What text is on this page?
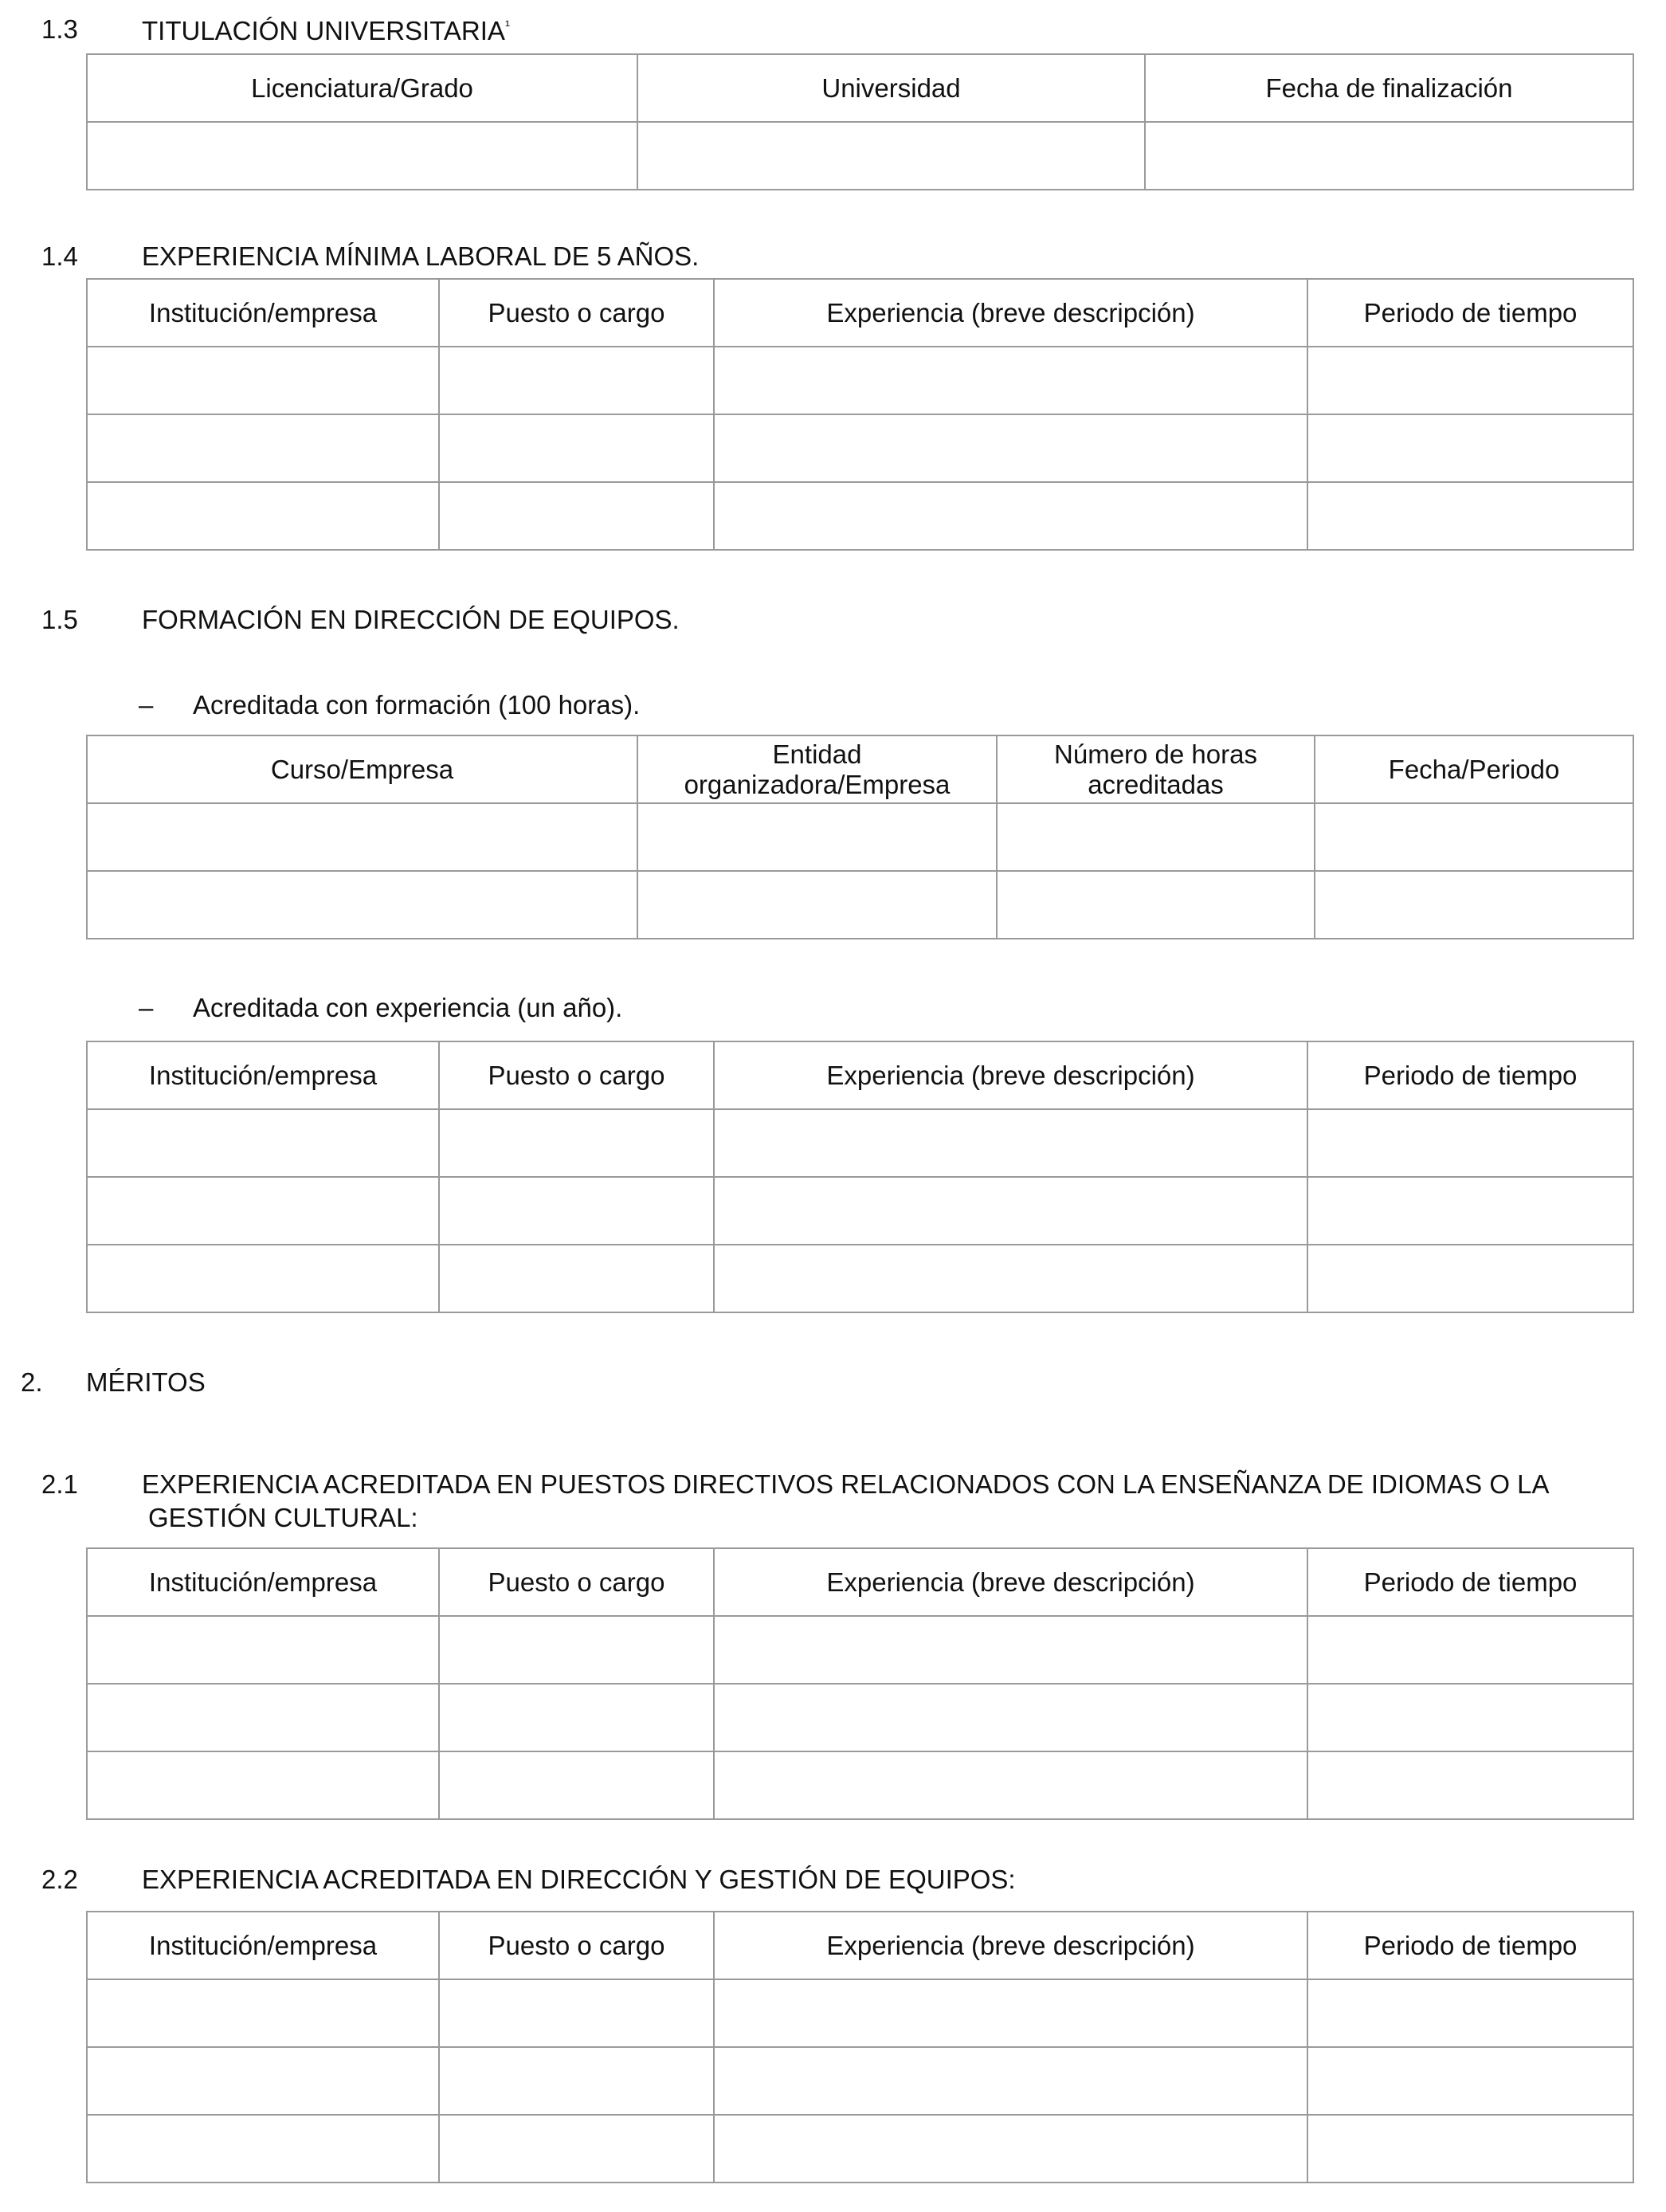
1.3 TITULACIÓN $UNIVERSITARIA^{^1}$
Licenciatura/Grado	Universidad	Fecha de finalización

1.4 EXPERIENCIA MÍNIMA LABORAL DE 5 AÑOS.
Institución/empresa	Puesto o cargo	Experiencia (breve descripción)	Periodo de tiempo

1.5 FORMACIÓN EN DIRECCIÓN DE EQUIPOS.
– Acreditada con formación (100 horas).
Curso/Empresa	Entidad organizadora/Empresa	Número de horas acreditadas	Fecha/Periodo

– Acreditada con experiencia (un año).
Institución/empresa	Puesto o cargo	Experiencia (breve descripción)	Periodo de tiempo

2. MÉRITOS
2.1 EXPERIENCIA ACREDITADA EN PUESTOS DIRECTIVOS RELACIONADOS CON LA ENSEÑANZA DE IDIOMAS O LA
GESTIÓN CULTURAL:
Institución/empresa	Puesto o cargo	Experiencia (breve descripción)	Periodo de tiempo

2.2 EXPERIENCIA ACREDITADA EN DIRECCIÓN Y GESTIÓN DE EQUIPOS:
Institución/empresa	Puesto o cargo	Experiencia (breve descripción)	Periodo de tiempo
